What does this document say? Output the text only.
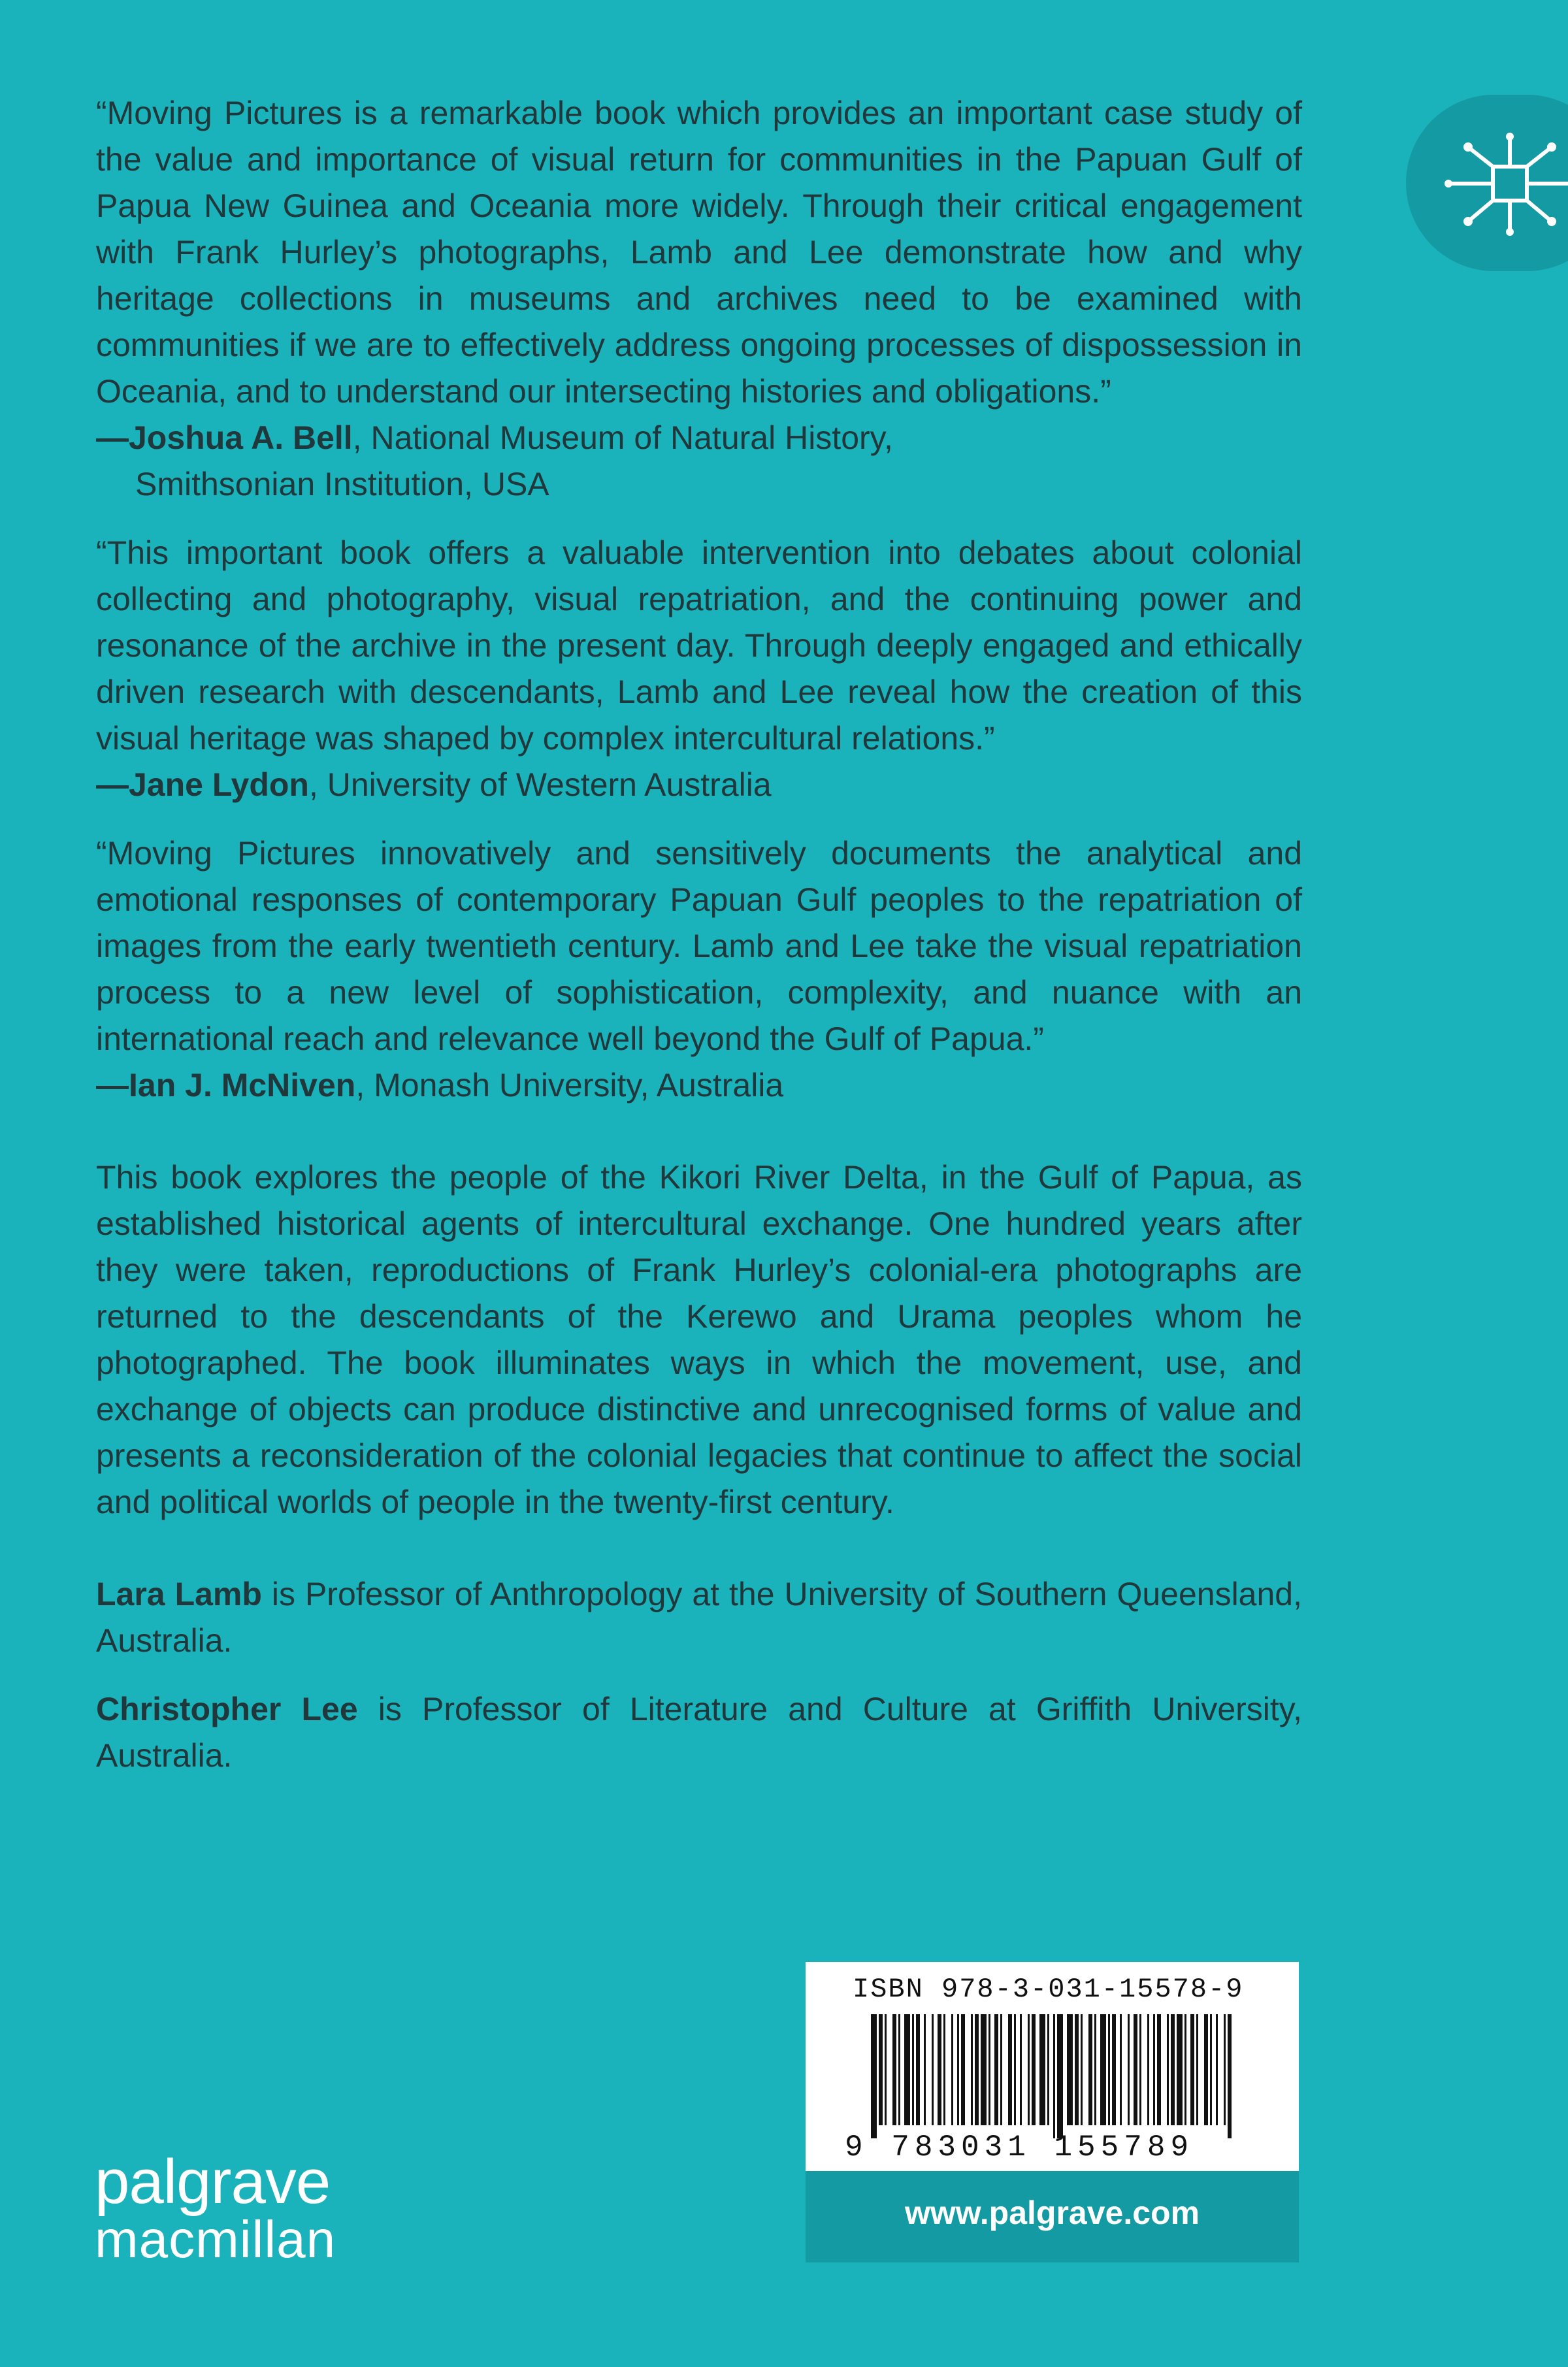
“Moving Pictures is a remarkable book which provides an important case study of the value and importance of visual return for communities in the Papuan Gulf of Papua New Guinea and Oceania more widely. Through their critical engagement with Frank Hurley’s photographs, Lamb and Lee demonstrate how and why heritage collections in museums and archives need to be examined with communities if we are to effectively address ongoing processes of dispossession in Oceania, and to understand our intersecting histories and obligations.”

—Joshua A. Bell, National Museum of Natural History,
Smithsonian Institution, USA

“This important book offers a valuable intervention into debates about colonial collecting and photography, visual repatriation, and the continuing power and resonance of the archive in the present day. Through deeply engaged and ethically driven research with descendants, Lamb and Lee reveal how the creation of this visual heritage was shaped by complex intercultural relations.”

—Jane Lydon, University of Western Australia

“Moving Pictures innovatively and sensitively documents the analytical and emotional responses of contemporary Papuan Gulf peoples to the repatriation of images from the early twentieth century. Lamb and Lee take the visual repatriation process to a new level of sophistication, complexity, and nuance with an international reach and relevance well beyond the Gulf of Papua.”

—Ian J. McNiven, Monash University, Australia

This book explores the people of the Kikori River Delta, in the Gulf of Papua, as established historical agents of intercultural exchange. One hundred years after they were taken, reproductions of Frank Hurley’s colonial-era photographs are returned to the descendants of the Kerewo and Urama peoples whom he photographed. The book illuminates ways in which the movement, use, and exchange of objects can produce distinctive and unrecognised forms of value and presents a reconsideration of the colonial legacies that continue to affect the social and political worlds of people in the twenty-first century.

Lara Lamb is Professor of Anthropology at the University of Southern Queensland, Australia.

Christopher Lee is Professor of Literature and Culture at Griffith University, Australia.

palgrave
macmillan
ISBN 978-3-031-15578-9
9 783031 155789
www.palgrave.com
